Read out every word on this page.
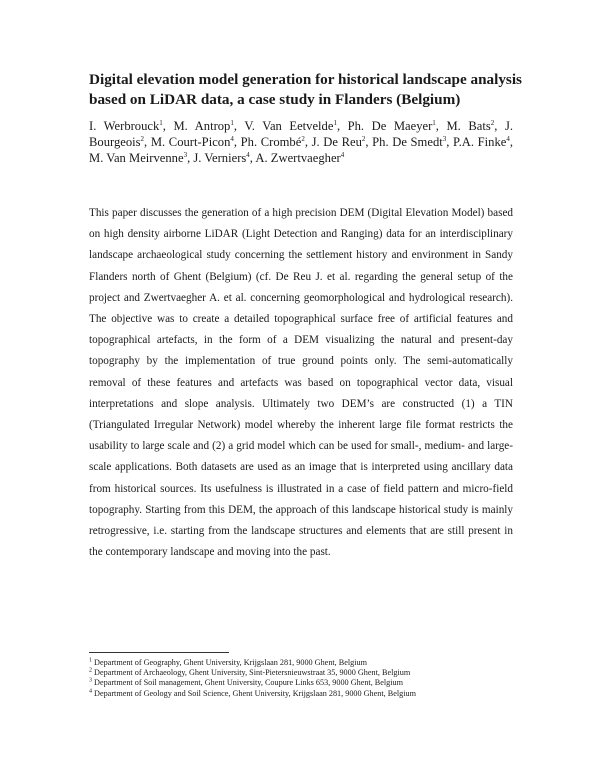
Digital elevation model generation for historical landscape analysis based on LiDAR data, a case study in Flanders (Belgium)
I. Werbrouck$^1$, M. Antrop$^1$, V. Van Eetvelde$^1$, Ph. De Maeyer$^1$, M. Bats$^2$, J. Bourgeois$^2$, M. Court-Picon$^4$, Ph. Crombé$^2$, J. De Reu$^2$, Ph. De Smedt$^3$, P.A. Finke$^4$, M. Van Meirvenne$^3$, J. Verniers$^4$, A. Zwertvaegher$^4$

This paper discusses the generation of a high precision DEM (Digital Elevation Model) based on high density airborne LiDAR (Light Detection and Ranging) data for an interdisciplinary landscape archaeological study concerning the settlement history and environment in Sandy Flanders north of Ghent (Belgium) (cf. De Reu J. et al. regarding the general setup of the project and Zwertvaegher A. et al. concerning geomorphological and hydrological research). The objective was to create a detailed topographical surface free of artificial features and topographical artefacts, in the form of a DEM visualizing the natural and present-day topography by the implementation of true ground points only. The semi-automatically removal of these features and artefacts was based on topographical vector data, visual interpretations and slope analysis. Ultimately two DEM’s are constructed (1) a TIN (Triangulated Irregular Network) model whereby the inherent large file format restricts the usability to large scale and (2) a grid model which can be used for small-, medium- and large-scale applications. Both datasets are used as an image that is interpreted using ancillary data from historical sources. Its usefulness is illustrated in a case of field pattern and micro-field topography. Starting from this DEM, the approach of this landscape historical study is mainly retrogressive, i.e. starting from the landscape structures and elements that are still present in the contemporary landscape and moving into the past.

$^1$ Department of Geography, Ghent University, Krijgslaan 281, 9000 Ghent, Belgium
$^2$ Department of Archaeology, Ghent University, Sint-Pietersnieuwstraat 35, 9000 Ghent, Belgium
$^3$ Department of Soil management, Ghent University, Coupure Links 653, 9000 Ghent, Belgium
$^4$ Department of Geology and Soil Science, Ghent University, Krijgslaan 281, 9000 Ghent, Belgium
